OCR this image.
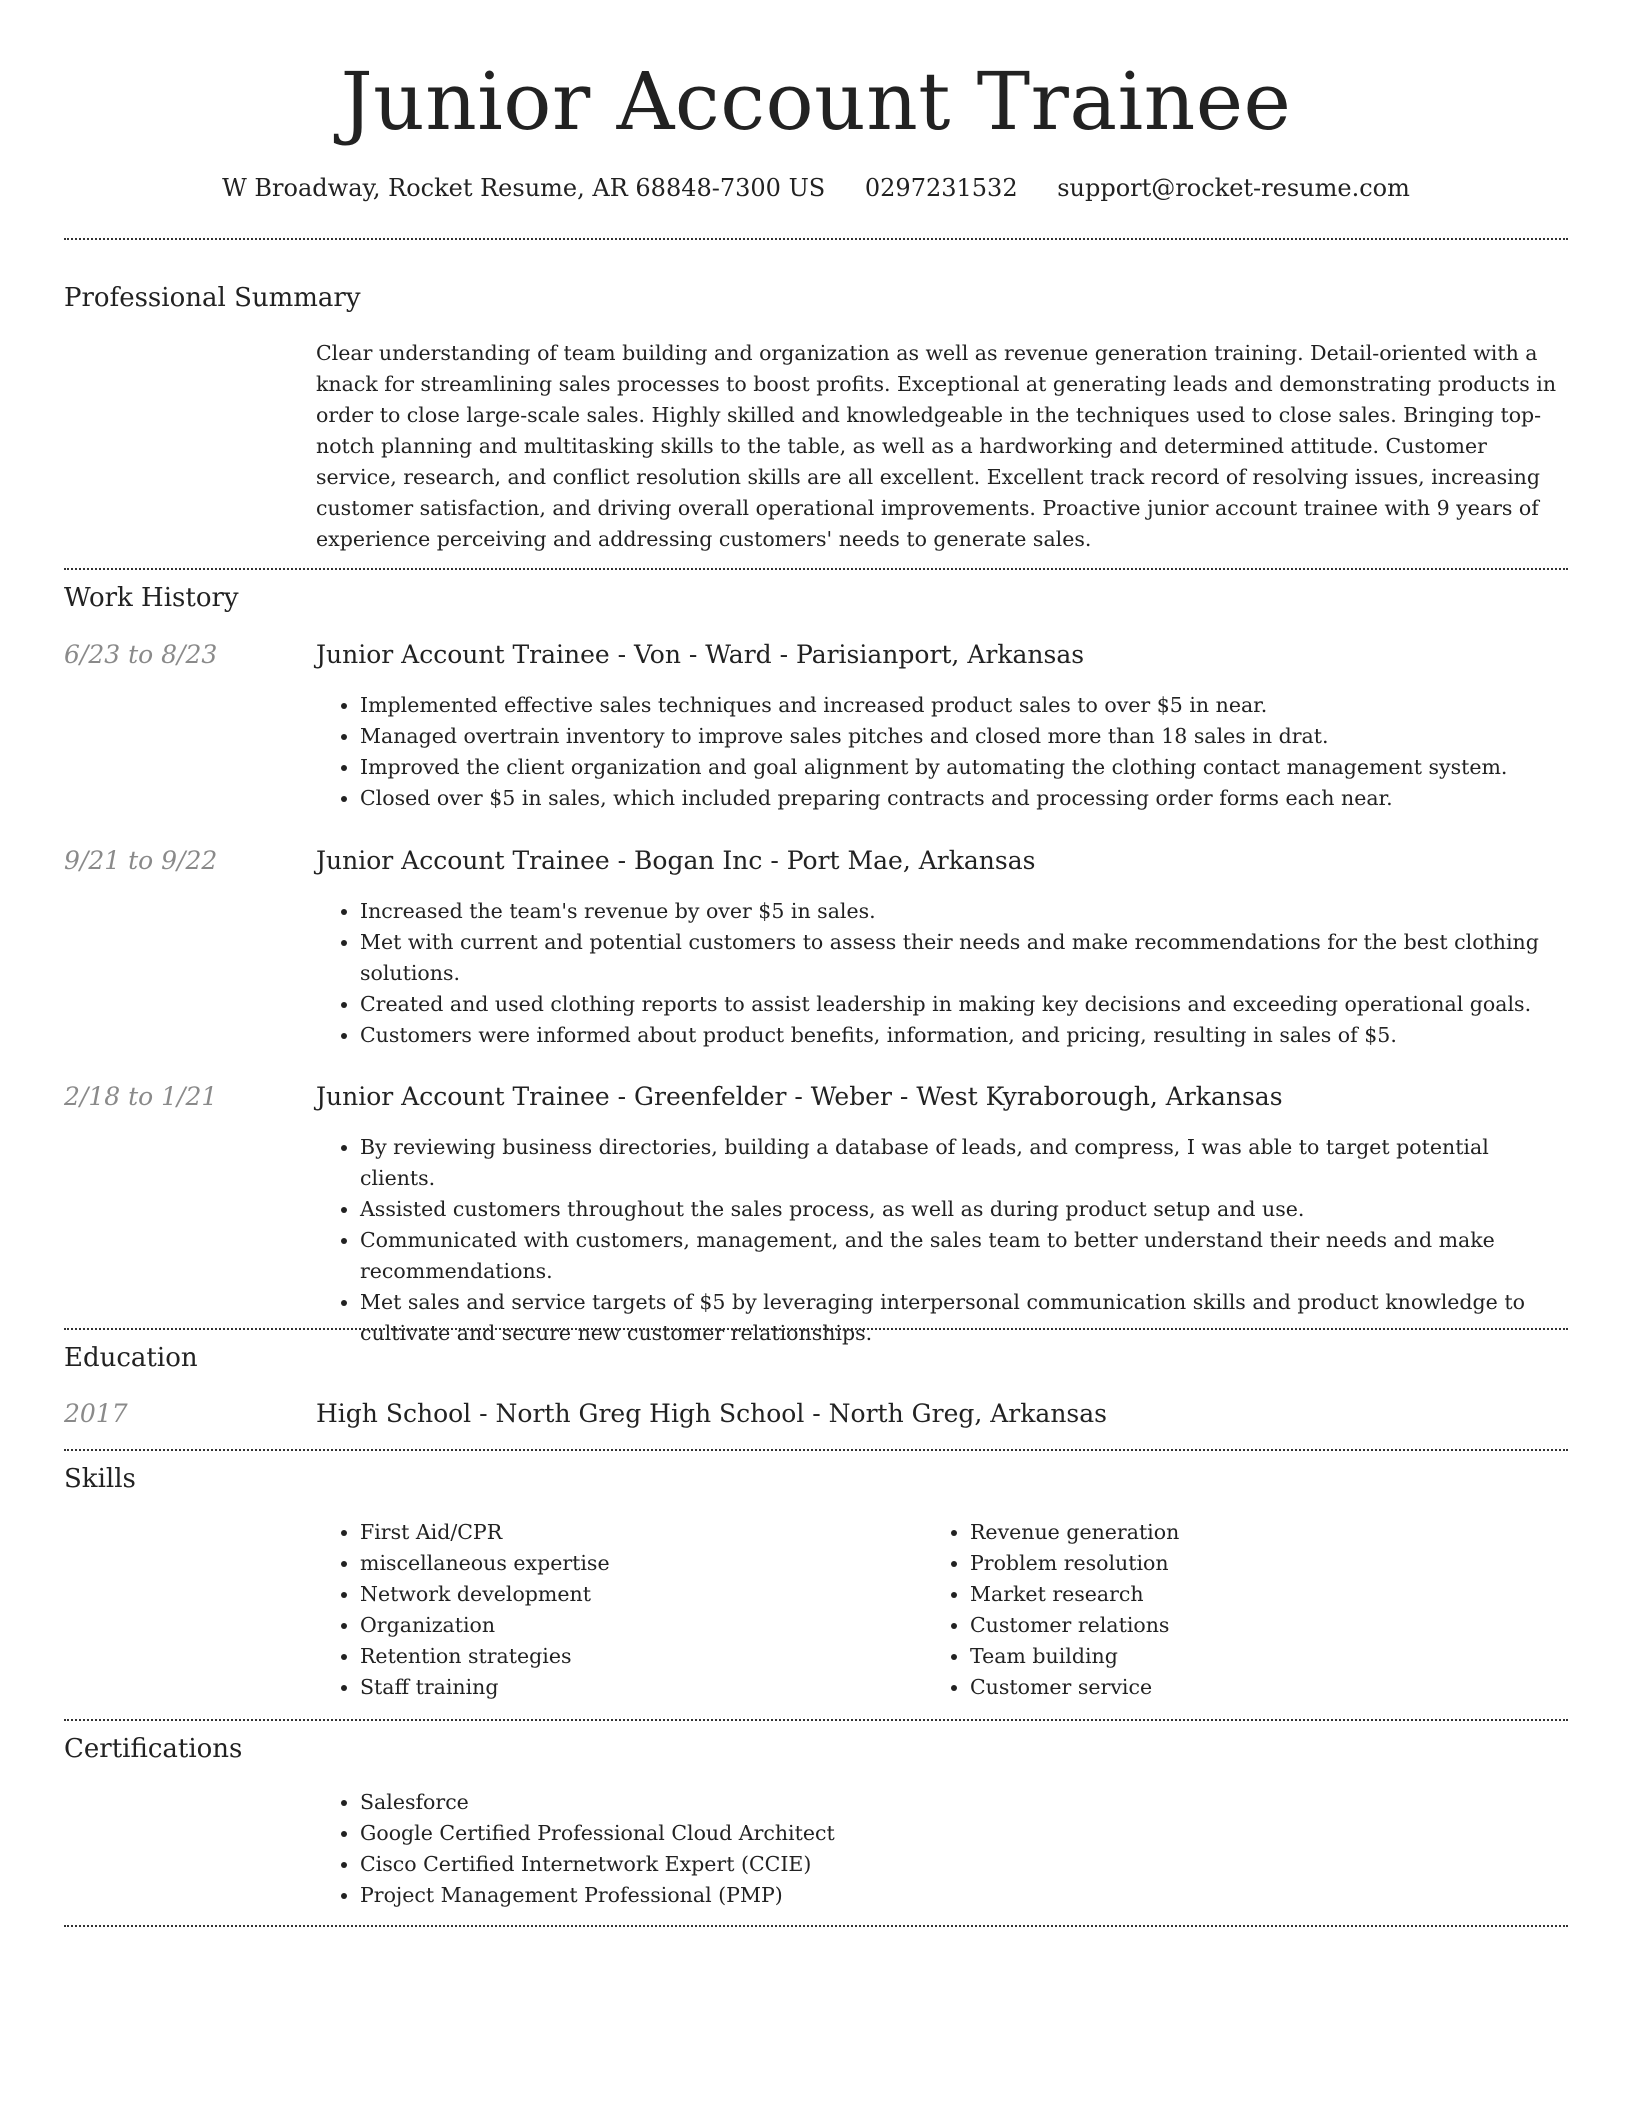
Junior Account Trainee
W Broadway, Rocket Resume, AR 68848-7300 US 0297231532 support@rocket-resume.com
Professional Summary
Clear understanding of team building and organization as well as revenue generation training. Detail-oriented with a knack for streamlining sales processes to boost profits. Exceptional at generating leads and demonstrating products in order to close large-scale sales. Highly skilled and knowledgeable in the techniques used to close sales. Bringing top-notch planning and multitasking skills to the table, as well as a hardworking and determined attitude. Customer service, research, and conflict resolution skills are all excellent. Excellent track record of resolving issues, increasing customer satisfaction, and driving overall operational improvements. Proactive junior account trainee with 9 years of experience perceiving and addressing customers' needs to generate sales.
Work History
6/23 to 8/23	Junior Account Trainee - Von - Ward - Parisianport, Arkansas
• Implemented effective sales techniques and increased product sales to over $5 in near.
• Managed overtrain inventory to improve sales pitches and closed more than 18 sales in drat.
• Improved the client organization and goal alignment by automating the clothing contact management system.
• Closed over $5 in sales, which included preparing contracts and processing order forms each near.
9/21 to 9/22	Junior Account Trainee - Bogan Inc - Port Mae, Arkansas
• Increased the team's revenue by over $5 in sales.
• Met with current and potential customers to assess their needs and make recommendations for the best clothing solutions.
• Created and used clothing reports to assist leadership in making key decisions and exceeding operational goals.
• Customers were informed about product benefits, information, and pricing, resulting in sales of $5.
2/18 to 1/21	Junior Account Trainee - Greenfelder - Weber - West Kyraborough, Arkansas
• By reviewing business directories, building a database of leads, and compress, I was able to target potential clients.
• Assisted customers throughout the sales process, as well as during product setup and use.
• Communicated with customers, management, and the sales team to better understand their needs and make recommendations.
• Met sales and service targets of $5 by leveraging interpersonal communication skills and product knowledge to cultivate and secure new customer relationships.
Education
2017	High School - North Greg High School - North Greg, Arkansas
Skills
• First Aid/CPR
• miscellaneous expertise
• Network development
• Organization
• Retention strategies
• Staff training
• Revenue generation
• Problem resolution
• Market research
• Customer relations
• Team building
• Customer service
Certifications
• Salesforce
• Google Certified Professional Cloud Architect
• Cisco Certified Internetwork Expert (CCIE)
• Project Management Professional (PMP)
